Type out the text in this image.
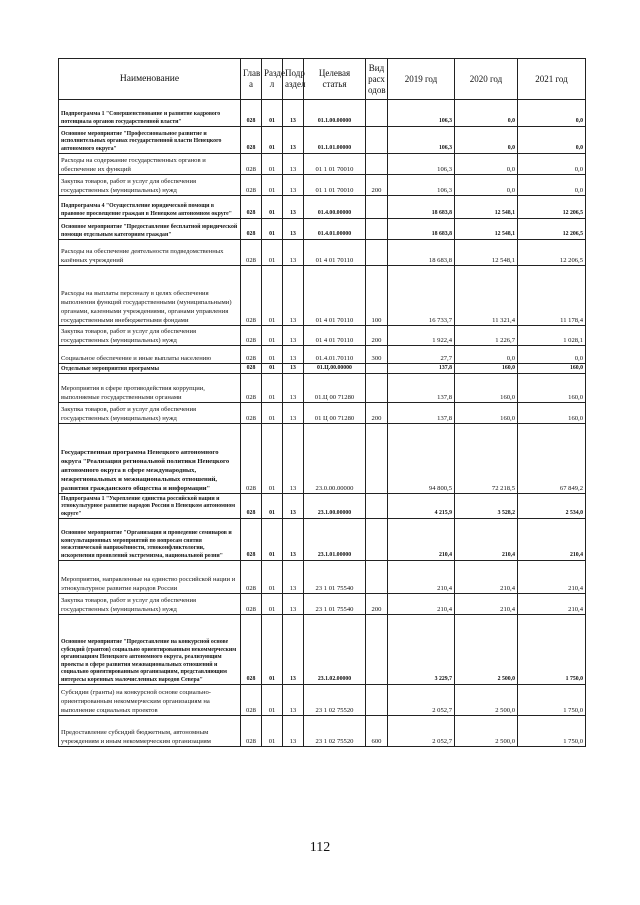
Наименование	Глав а	Разде л	Подр аздел	Целевая статья	Вид расх одов	2019 год	2020 год	2021 год
Подпрограмма 1 "Совершенствование и развитие кадрового потенциала органов государственной власти"	028	01	13	01.1.00.00000		106,3	0,0	0,0
Основное мероприятие "Профессиональное развитие и исполнительных органах государственной власти Ненецкого автономного округа"	028	01	13	01.1.01.00000		106,3	0,0	0,0
Расходы на содержание государственных органов и обеспечение их функций	028	01	13	01 1 01 70010		106,3	0,0	0,0
Закупка товаров, работ и услуг для обеспечения государственных (муниципальных) нужд	028	01	13	01 1 01 70010	200	106,3	0,0	0,0
Подпрограмма 4 "Осуществление юридической помощи в правовое просвещение граждан в Ненецком автономном округе"	028	01	13	01.4.00.00000		18 683,8	12 548,1	12 206,5
Основное мероприятие "Предоставление бесплатной юридической помощи отдельным категориям граждан"	028	01	13	01.4.01.00000		18 683,8	12 548,1	12 206,5
Расходы на обеспечение деятельности подведомственных казённых учреждений	028	01	13	01 4 01 70110		18 683,8	12 548,1	12 206,5
Расходы на выплаты персоналу в целях обеспечения выполнения функций государственными (муниципальными) органами, казенными учреждениями, органами управления государственными внебюджетными фондами	028	01	13	01 4 01 70110	100	16 733,7	11 321,4	11 178,4
Закупка товаров, работ и услуг для обеспечения государственных (муниципальных) нужд	028	01	13	01 4 01 70110	200	1 922,4	1 226,7	1 028,1
Социальное обеспечение и иные выплаты населению	028	01	13	01.4.01.70110	300	27,7	0,0	0,0
Отдельные мероприятия программы	028	01	13	01.Ц.00.00000		137,8	160,0	160,0
Мероприятия в сфере противодействия коррупции, выполняемые государственными органами	028	01	13	01.Ц 00 71280		137,8	160,0	160,0
Закупка товаров, работ и услуг для обеспечения государственных (муниципальных) нужд	028	01	13	01 Ц 00 71280	200	137,8	160,0	160,0
Государственная программа Ненецкого автономного округа "Реализация региональной политики Ненецкого автономного округа в сфере международных, межрегиональных и межнациональных отношений, развития гражданского общества и информации"	028	01	13	23.0.00.00000		94 800,5	72 218,5	67 849,2
Подпрограмма 1 "Укрепление единства российской нации и этнокультурное развитие народов России в Ненецком автономном округе"	028	01	13	23.1.00.00000		4 215,9	3 528,2	2 534,0
Основное мероприятие "Организация и проведение семинаров и консультационных мероприятий по вопросам снятия межэтнической напряжённости, этноконфликтологии, искоренения проявлений экстремизма, национальной розни"	028	01	13	23.1.01.00000		210,4	210,4	210,4
Мероприятия, направленные на единство российской нации и этнокультурное развитие народов России	028	01	13	23 1 01 75540		210,4	210,4	210,4
Закупка товаров, работ и услуг для обеспечения государственных (муниципальных) нужд	028	01	13	23 1 01 75540	200	210,4	210,4	210,4
Основное мероприятие "Предоставление на конкурсной основе субсидий (грантов) социально ориентированным некоммерческим организациям Ненецкого автономного округа, реализующим проекты в сфере развития межнациональных отношений и социально ориентированным организациям, представляющим интересы коренных малочисленных народов Севера"	028	01	13	23.1.02.00000		3 229,7	2 500,0	1 750,0
Субсидии (гранты) на конкурсной основе социально-ориентированным некоммерческим организациям на выполнение социальных проектов	028	01	13	23 1 02 75520		2 052,7	2 500,0	1 750,0
Предоставление субсидий бюджетным, автономным учреждениям и иным некоммерческим организациям	028	01	13	23 1 02 75520	600	2 052,7	2 500,0	1 750,0
112
